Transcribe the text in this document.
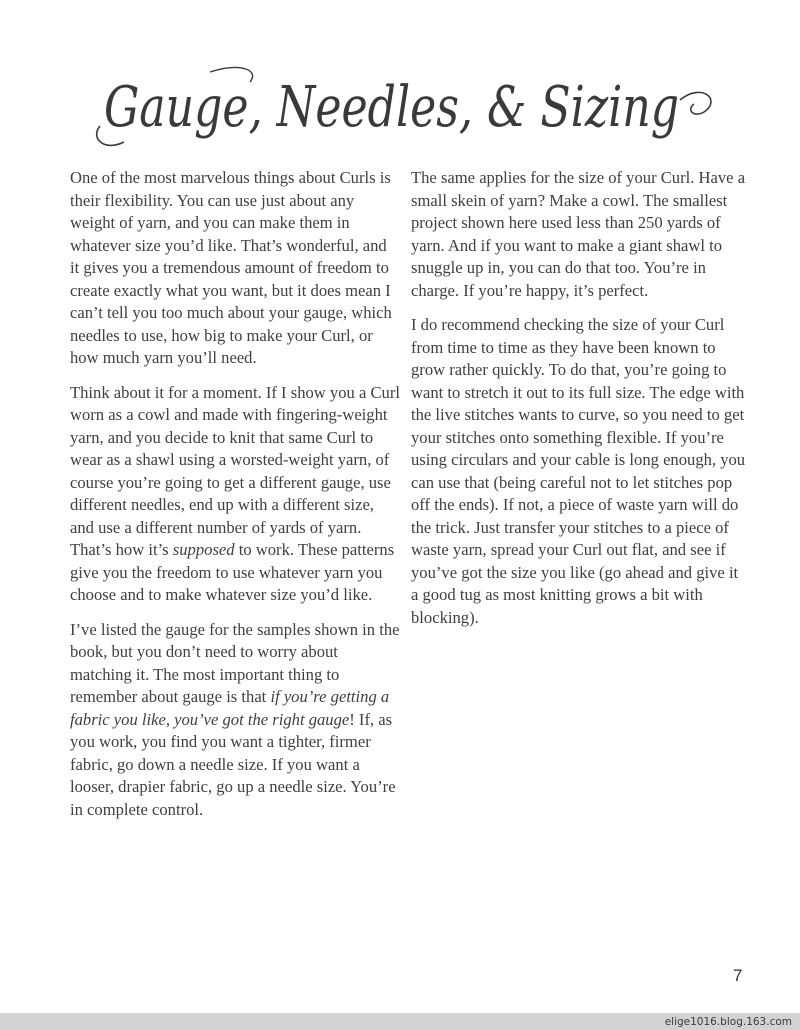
Gauge, Needles, & Sizing

One of the most marvelous things about Curls is their flexibility. You can use just about any weight of yarn, and you can make them in whatever size you’d like. That’s wonderful, and it gives you a tremendous amount of freedom to create exactly what you want, but it does mean I can’t tell you too much about your gauge, which needles to use, how big to make your Curl, or how much yarn you’ll need.

Think about it for a moment. If I show you a Curl worn as a cowl and made with fingering-weight yarn, and you decide to knit that same Curl to wear as a shawl using a worsted-weight yarn, of course you’re going to get a different gauge, use different needles, end up with a different size, and use a different number of yards of yarn. That’s how it’s supposed to work. These patterns give you the freedom to use whatever yarn you choose and to make whatever size you’d like.

I’ve listed the gauge for the samples shown in the book, but you don’t need to worry about matching it. The most important thing to remember about gauge is that if you’re getting a fabric you like, you’ve got the right gauge! If, as you work, you find you want a tighter, firmer fabric, go down a needle size. If you want a looser, drapier fabric, go up a needle size. You’re in complete control.

The same applies for the size of your Curl. Have a small skein of yarn? Make a cowl. The smallest project shown here used less than 250 yards of yarn. And if you want to make a giant shawl to snuggle up in, you can do that too. You’re in charge. If you’re happy, it’s perfect.

I do recommend checking the size of your Curl from time to time as they have been known to grow rather quickly. To do that, you’re going to want to stretch it out to its full size. The edge with the live stitches wants to curve, so you need to get your stitches onto something flexible. If you’re using circulars and your cable is long enough, you can use that (being careful not to let stitches pop off the ends). If not, a piece of waste yarn will do the trick. Just transfer your stitches to a piece of waste yarn, spread your Curl out flat, and see if you’ve got the size you like (go ahead and give it a good tug as most knitting grows a bit with blocking).

7
elige1016.blog.163.com
